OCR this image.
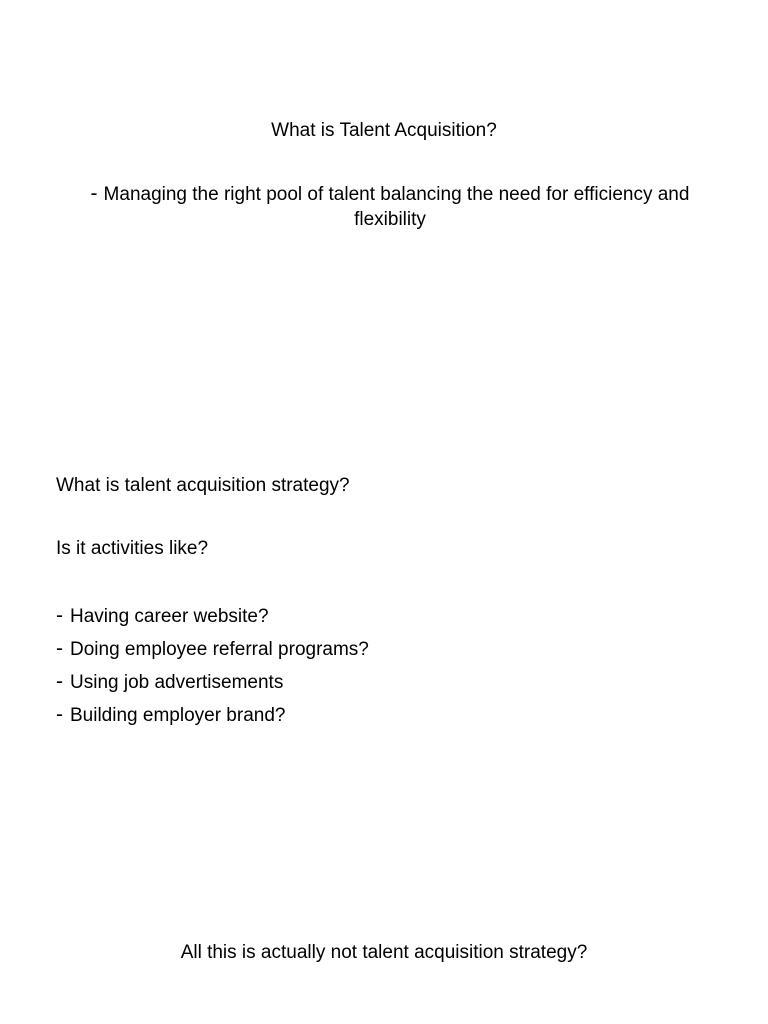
What is Talent Acquisition?
- Managing the right pool of talent balancing the need for efficiency and flexibility
What is talent acquisition strategy?
Is it activities like?
- Having career website?
- Doing employee referral programs?
- Using job advertisements
- Building employer brand?
All this is actually not talent acquisition strategy?
